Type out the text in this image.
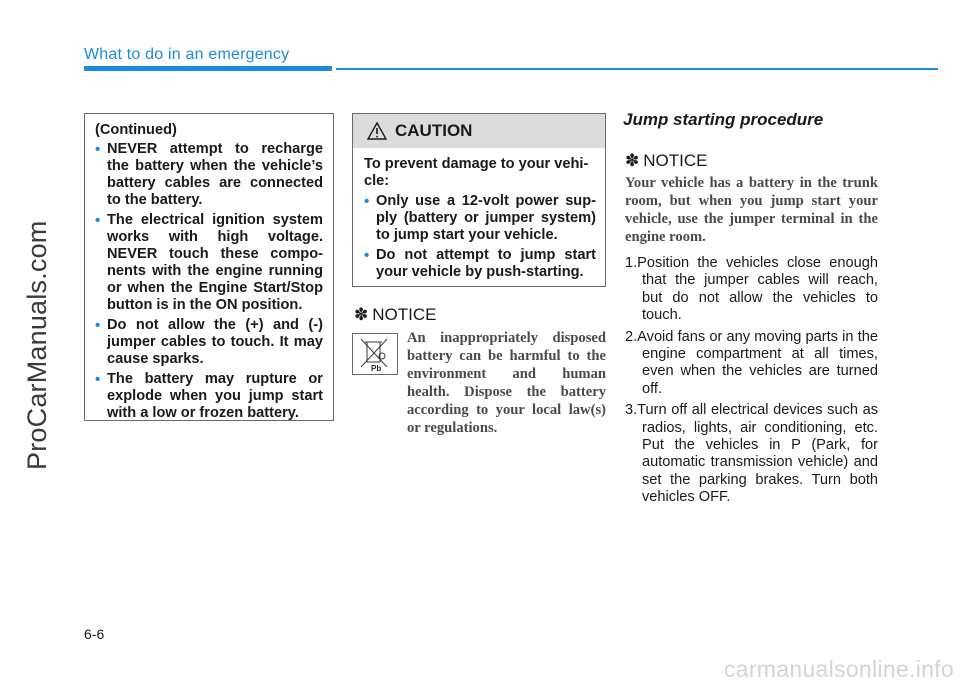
ProCarManuals.com
What to do in an emergency
(Continued)
• NEVER attempt to recharge the battery when the vehicle’s battery cables are connected to the battery.
• The electrical ignition system works with high voltage. NEVER touch these compo-nents with the engine running or when the Engine Start/Stop button is in the ON position.
• Do not allow the (+) and (-) jumper cables to touch. It may cause sparks.
• The battery may rupture or explode when you jump start with a low or frozen battery.
CAUTION
To prevent damage to your vehi-cle:
• Only use a 12-volt power sup-ply (battery or jumper system) to jump start your vehicle.
• Do not attempt to jump start your vehicle by push-starting.
✽ NOTICE
Pb
An inappropriately disposed battery can be harmful to the environment and human health. Dispose the battery according to your local law(s) or regulations.
Jump starting procedure
✽ NOTICE
Your vehicle has a battery in the trunk room, but when you jump start your vehicle, use the jumper terminal in the engine room.
1.Position the vehicles close enough that the jumper cables will reach, but do not allow the vehicles to touch.
2.Avoid fans or any moving parts in the engine compartment at all times, even when the vehicles are turned off.
3.Turn off all electrical devices such as radios, lights, air conditioning, etc. Put the vehicles in P (Park, for automatic transmission vehicle) and set the parking brakes. Turn both vehicles OFF.
6-6
carmanualsonline.info
